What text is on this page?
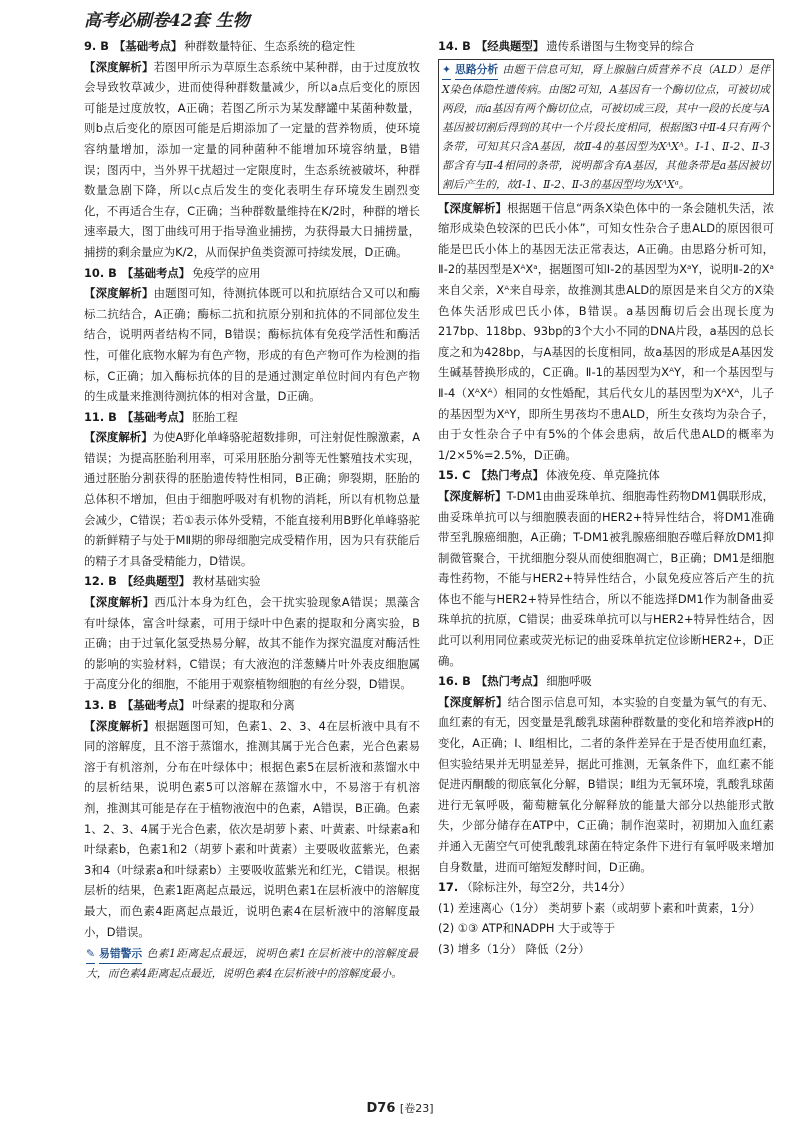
高考必刷卷42套 生物
9. B 【基础考点】 种群数量特征、生态系统的稳定性

【深度解析】若图甲所示为草原生态系统中某种群，由于过度放牧会导致牧草减少，进而使得种群数量减少，所以a点后变化的原因可能是过度放牧，A正确；若图乙所示为某发酵罐中某菌种数量，则b点后变化的原因可能是后期添加了一定量的营养物质，使环境容纳量增加，添加一定量的同种菌种不能增加环境容纳量，B错误；图丙中，当外界干扰超过一定限度时，生态系统被破坏，种群数量急剧下降，所以c点后发生的变化表明生存环境发生剧烈变化，不再适合生存，C正确；当种群数量维持在K/2时，种群的增长速率最大，图丁曲线可用于指导渔业捕捞，为获得最大日捕捞量，捕捞的剩余量应为K/2，从而保护鱼类资源可持续发展，D正确。

10. B 【基础考点】 免疫学的应用

【深度解析】由题图可知，待测抗体既可以和抗原结合又可以和酶标二抗结合，A正确；酶标二抗和抗原分别和抗体的不同部位发生结合，说明两者结构不同，B错误；酶标抗体有免疫学活性和酶活性，可催化底物水解为有色产物，形成的有色产物可作为检测的指标，C正确；加入酶标抗体的目的是通过测定单位时间内有色产物的生成量来推测待测抗体的相对含量，D正确。

11. B 【基础考点】 胚胎工程

【深度解析】为使A野化单峰骆驼超数排卵，可注射促性腺激素，A错误；为提高胚胎利用率，可采用胚胎分割等无性繁殖技术实现，通过胚胎分割获得的胚胎遗传特性相同，B正确；卵裂期，胚胎的总体积不增加，但由于细胞呼吸对有机物的消耗，所以有机物总量会减少，C错误；若①表示体外受精，不能直接利用B野化单峰骆驼的新鲜精子与处于MⅡ期的卵母细胞完成受精作用，因为只有获能后的精子才具备受精能力，D错误。

12. B 【经典题型】 教材基础实验

【深度解析】西瓜汁本身为红色，会干扰实验现象A错误；黑藻含有叶绿体，富含叶绿素，可用于绿叶中色素的提取和分离实验，B正确；由于过氧化氢受热易分解，故其不能作为探究温度对酶活性的影响的实验材料，C错误；有大液泡的洋葱鳞片叶外表皮细胞属于高度分化的细胞，不能用于观察植物细胞的有丝分裂，D错误。

13. B 【基础考点】 叶绿素的提取和分离

【深度解析】根据题图可知，色素1、2、3、4在层析液中具有不同的溶解度，且不溶于蒸馏水，推测其属于光合色素，光合色素易溶于有机溶剂，分布在叶绿体中；根据色素5在层析液和蒸馏水中的层析结果，说明色素5可以溶解在蒸馏水中，不易溶于有机溶剂，推测其可能是存在于植物液泡中的色素，A错误，B正确。色素1、2、3、4属于光合色素，依次是胡萝卜素、叶黄素、叶绿素a和叶绿素b，色素1和2（胡萝卜素和叶黄素）主要吸收蓝紫光，色素3和4（叶绿素a和叶绿素b）主要吸收蓝紫光和红光，C错误。根据层析的结果，色素1距离起点最远，说明色素1在层析液中的溶解度最大，而色素4距离起点最近，说明色素4在层析液中的溶解度最小，D错误。

✎ 易错警示 色素1距离起点最远，说明色素1在层析液中的溶解度最大，而色素4距离起点最近，说明色素4在层析液中的溶解度最小。
14. B 【经典题型】 遗传系谱图与生物变异的综合
✦ 思路分析 由题干信息可知，肾上腺脑白质营养不良（ALD）是伴X染色体隐性遗传病。由图2可知，A基因有一个酶切位点，可被切成两段，而a基因有两个酶切位点，可被切成三段，其中一段的长度与A基因被切割后得到的其中一个片段长度相同，根据图3中Ⅱ-4只有两个条带，可知其只含A基因，故Ⅱ-4的基因型为XᴬXᴬ。Ⅰ-1、Ⅱ-2、Ⅱ-3都含有与Ⅱ-4相同的条带，说明都含有A基因，其他条带是a基因被切割后产生的，故Ⅰ-1、Ⅱ-2、Ⅱ-3的基因型均为XᴬXᵃ。

【深度解析】根据题干信息“两条X染色体中的一条会随机失活，浓缩形成染色较深的巴氏小体”，可知女性杂合子患ALD的原因很可能是巴氏小体上的基因无法正常表达，A正确。由思路分析可知，Ⅱ-2的基因型是XᴬXᵃ，据题图可知Ⅰ-2的基因型为XᵃY，说明Ⅱ-2的Xᵃ来自父亲，Xᴬ来自母亲，故推测其患ALD的原因是来自父方的X染色体失活形成巴氏小体，B错误。a基因酶切后会出现长度为217bp、118bp、93bp的3个大小不同的DNA片段，a基因的总长度之和为428bp，与A基因的长度相同，故a基因的形成是A基因发生碱基替换形成的，C正确。Ⅱ-1的基因型为XᴬY，和一个基因型与Ⅱ-4（XᴬXᴬ）相同的女性婚配，其后代女儿的基因型为XᴬXᴬ，儿子的基因型为XᴬY，即所生男孩均不患ALD，所生女孩均为杂合子，由于女性杂合子中有5%的个体会患病，故后代患ALD的概率为1/2×5%=2.5%，D正确。

15. C 【热门考点】 体液免疫、单克隆抗体

【深度解析】T-DM1由曲妥珠单抗、细胞毒性药物DM1偶联形成，曲妥珠单抗可以与细胞膜表面的HER2+特异性结合，将DM1准确带至乳腺癌细胞，A正确；T-DM1被乳腺癌细胞吞噬后释放DM1抑制微管聚合，干扰细胞分裂从而使细胞凋亡，B正确；DM1是细胞毒性药物，不能与HER2+特异性结合，小鼠免疫应答后产生的抗体也不能与HER2+特异性结合，所以不能选择DM1作为制备曲妥珠单抗的抗原，C错误；曲妥珠单抗可以与HER2+特异性结合，因此可以利用同位素或荧光标记的曲妥珠单抗定位诊断HER2+，D正确。

16. B 【热门考点】 细胞呼吸

【深度解析】结合图示信息可知，本实验的自变量为氧气的有无、血红素的有无，因变量是乳酸乳球菌种群数量的变化和培养液pH的变化，A正确；Ⅰ、Ⅱ组相比，二者的条件差异在于是否使用血红素，但实验结果并无明显差异，据此可推测，无氧条件下，血红素不能促进丙酮酸的彻底氧化分解，B错误；Ⅱ组为无氧环境，乳酸乳球菌进行无氧呼吸，葡萄糖氧化分解释放的能量大部分以热能形式散失，少部分储存在ATP中，C正确；制作泡菜时，初期加入血红素并通入无菌空气可使乳酸乳球菌在特定条件下进行有氧呼吸来增加自身数量，进而可缩短发酵时间，D正确。

17. （除标注外，每空2分，共14分）

(1) 差速离心（1分） 类胡萝卜素（或胡萝卜素和叶黄素，1分）

(2) ①③ ATP和NADPH 大于或等于

(3) 增多（1分） 降低（2分）

D76 [卷23]
